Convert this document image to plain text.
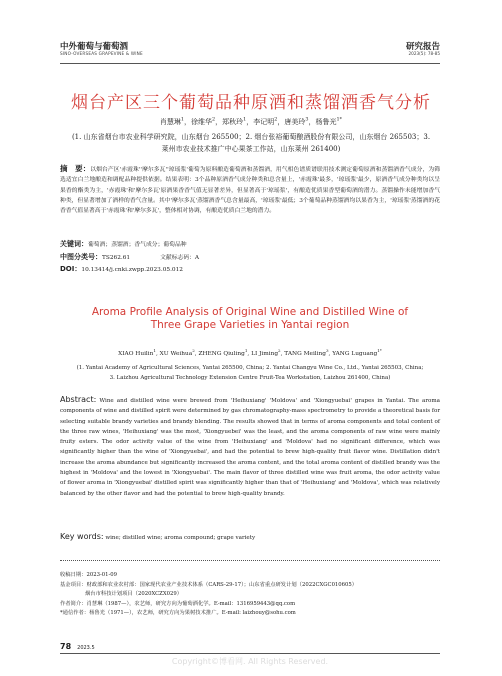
中外葡萄与葡萄酒
SINO-OVERSEAS GRAPEVINE & WINE
研究报告
2023(5): 78-85
烟台产区三个葡萄品种原酒和蒸馏酒香气分析
肖慧琳$^1$，徐维华$^2$，郑秋玲$^1$，李记明$^2$，唐美玲$^3$，杨鲁光$^{1*}$
(1. 山东省烟台市农业科学研究院，山东烟台 265500；2. 烟台张裕葡萄酿酒股份有限公司，山东烟台 265503；3. 莱州市农业技术推广中心果茶工作站，山东莱州 261400)
摘　要：以烟台产区'赤霞珠''摩尔多瓦''琼瑶浆'葡萄为原料酿造葡萄酒和蒸馏酒，用气相色谱质谱联用技术测定葡萄原酒和蒸馏酒香气成分，为筛选适宜白兰地酿造和调配品种提供依据。结果表明：3个品种原酒香气成分种类和总含量上，'赤霞珠'最多，'琼瑶浆'最少，原酒香气成分种类均以呈果香的酯类为主，'赤霞珠'和'摩尔多瓦'原酒果香香气值无显著差异，但显著高于'琼瑶浆'，有酿造优质果香型葡萄酒的潜力。蒸馏操作未能增加香气种类，但显著增加了酒样的香气含量。其中'摩尔多瓦'蒸馏酒香气总含量最高，'琼瑶浆'最低；3个葡萄品种蒸馏酒均以果香为主，'琼瑶浆'蒸馏酒的花香香气值显著高于'赤霞珠'和'摩尔多瓦'，整体相对协调，有酿造优质白兰地的潜力。
关键词：葡萄酒；蒸馏酒；香气成分；葡萄品种
中图分类号：TS262.61	文献标志码：A
DOI：10.13414/j.cnki.zwpp.2023.05.012
Aroma Profile Analysis of Original Wine and Distilled Wine of
Three Grape Varieties in Yantai region
XIAO Huilin$^1$, XU Weihua$^2$, ZHENG Qiuling$^1$, LI Jiming$^2$, TANG Meiling$^3$, YANG Luguang$^{1*}$
(1. Yantai Academy of Agricultural Sciences, Yantai 265500, China; 2. Yantai Changyu Wine Co., Ltd., Yantai 265503, China;
3. Laizhou Agricultural Technology Extension Centre Fruit-Tea Workstation, Laizhou 261400, China)
Abstract: Wine and distilled wine were brewed from 'Heihuxiang' 'Moldova' and 'Xiongyuebai' grapes in Yantai. The aroma components of wine and distilled spirit were determined by gas chromatography-mass spectrometry to provide a theoretical basis for selecting suitable brandy varieties and brandy blending. The results showed that in terms of aroma components and total content of the three raw wines, 'Heihuxiang' was the most, 'Xiongyuebei' was the least, and the aroma components of raw wine were mainly fruity esters. The odor activity value of the wine from 'Heihuxiang' and 'Moldova' had no significant difference, which was significantly higher than the wine of 'Xiongyuebai', and had the potential to brew high-quality fruit flavor wine. Distillation didn't increase the aroma abundance but significantly increased the aroma content, and the total aroma content of distilled brandy was the highest in 'Moldova' and the lowest in 'Xiongyuebai'. The main flavor of three distilled wine was fruit aroma, the odor activity value of flower aroma in 'Xiongyuebai' distilled spirit was significantly higher than that of 'Heihuxiang' and 'Moldova', which was relatively balanced by the other flavor and had the potential to brew high-quality brandy.
Key words: wine; distilled wine; aroma compound; grape variety
收稿日期：2023-01-09
基金项目：财政部和农业农村部：国家现代农业产业技术体系（CARS-29-17）；山东省重点研发计划（2022CXGC010605）
烟台市科技计划项目（2020XCZX029）
作者简介：肖慧琳（1987—），农艺师，研究方向为葡萄酒化学。E-mail：1316959443@qq.com
*通信作者：杨鲁光（1971—），农艺师，研究方向为果树技术推广。E-mail: laizhouy@sohu.com
78 2023.5
Copyright©博看网. All Rights Reserved.
